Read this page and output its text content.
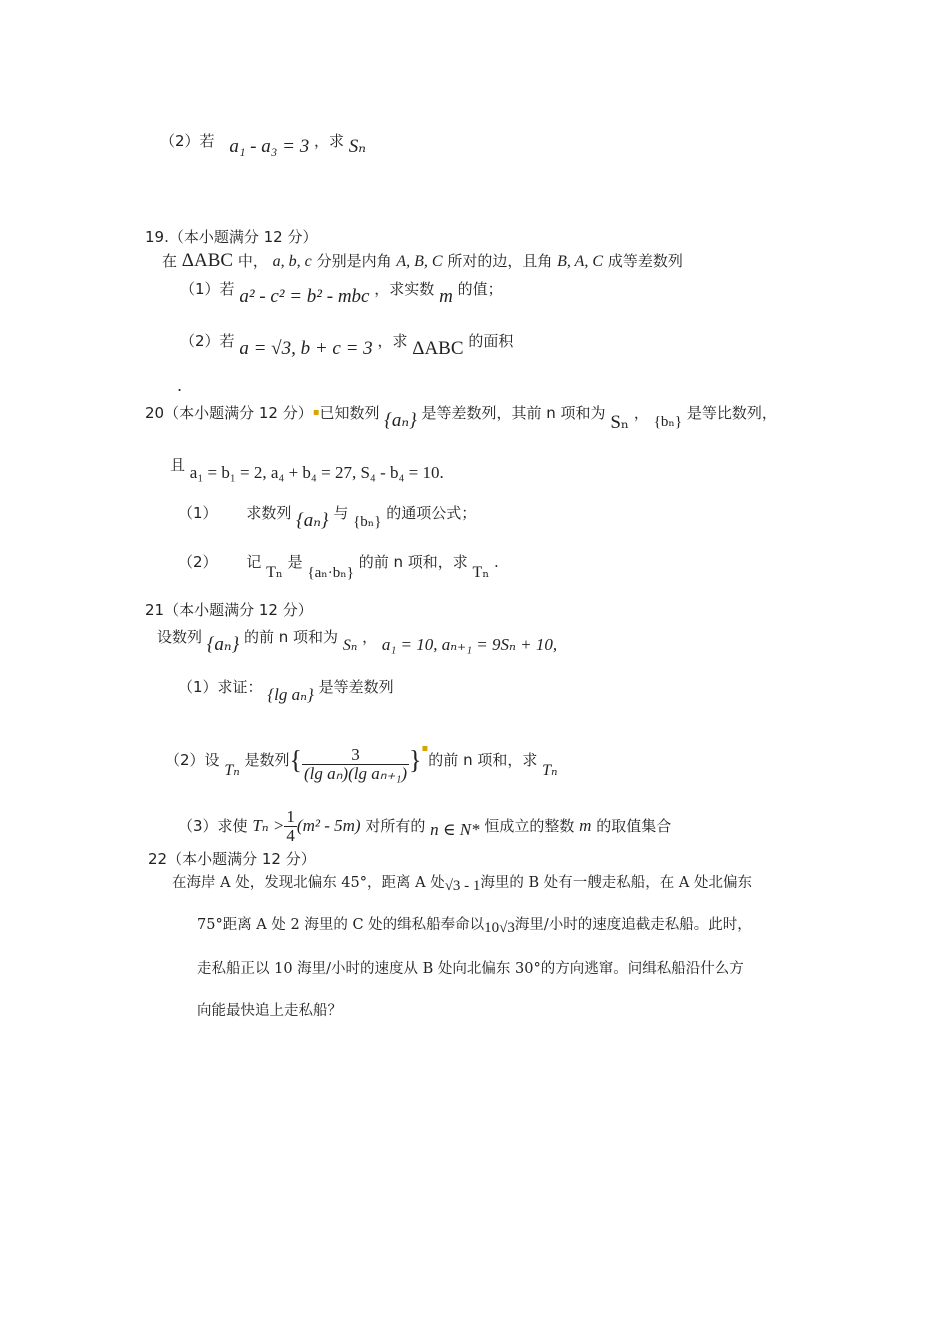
（2）若 a₁ - a₃ = 3 ，求 Sₙ
19.（本小题满分 12 分）
在 ΔABC 中， a, b, c 分别是内角 A, B, C 所对的边，且角 B, A, C 成等差数列
（1）若 a² - c² = b² - mbc ，求实数 m 的值；
（2）若 a = √3, b + c = 3 ，求 ΔABC 的面积
.
20（本小题满分 12 分）▪已知数列 {aₙ} 是等差数列，其前 n 项和为 Sₙ ， {bₙ} 是等比数列，
且 a₁ = b₁ = 2, a₄ + b₄ = 27, S₄ - b₄ = 10.
（1） 求数列 {aₙ} 与 {bₙ} 的通项公式；
（2） 记 Tₙ 是 {aₙ·bₙ} 的前 n 项和，求 Tₙ .
21（本小题满分 12 分）
设数列 {aₙ} 的前 n 项和为 Sₙ ， a₁ = 10, aₙ₊₁ = 9Sₙ + 10,
（1）求证： {lg aₙ} 是等差数列
（2）设 Tₙ 是数列{ $\frac{3}{\text{(lg aₙ)(lg aₙ₊₁)}} \}^▪$的前 n 项和，求 Tₙ
（3）求使 $T_n > \frac{1}{4} (m^2 - 5m)$ 对所有的 n ∈ N* 恒成立的整数 m 的取值集合
22（本小题满分 12 分）
在海岸 A 处，发现北偏东 45°，距离 A 处√3 - 1海里的 B 处有一艘走私船，在 A 处北偏东
75°距离 A 处 2 海里的 C 处的缉私船奉命以10√3海里/小时的速度追截走私船。此时，
走私船正以 10 海里/小时的速度从 B 处向北偏东 30°的方向逃窜。问缉私船沿什么方
向能最快追上走私船？
